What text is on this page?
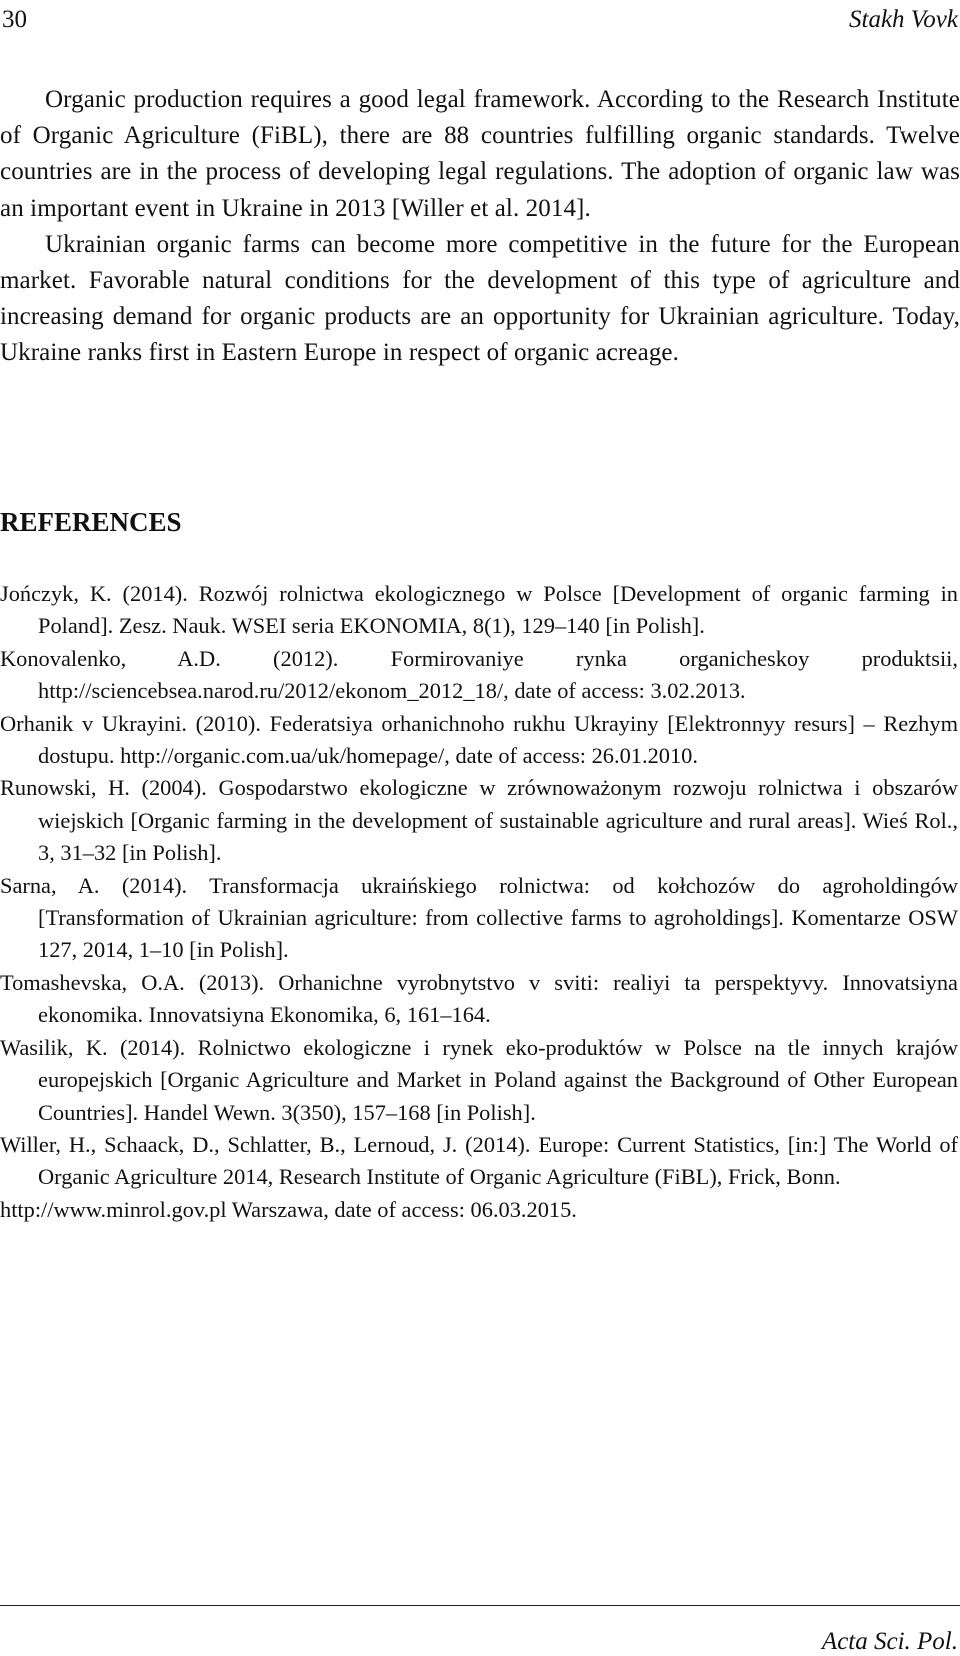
30	Stakh Vovk

Organic production requires a good legal framework. According to the Research Institute of Organic Agriculture (FiBL), there are 88 countries fulfilling organic standards. Twelve countries are in the process of developing legal regulations. The adoption of organic law was an important event in Ukraine in 2013 [Willer et al. 2014].

Ukrainian organic farms can become more competitive in the future for the European market. Favorable natural conditions for the development of this type of agriculture and increasing demand for organic products are an opportunity for Ukrainian agriculture. Today, Ukraine ranks first in Eastern Europe in respect of organic acreage.

REFERENCES
Jończyk, K. (2014). Rozwój rolnictwa ekologicznego w Polsce [Development of organic farming in Poland]. Zesz. Nauk. WSEI seria EKONOMIA, 8(1), 129–140 [in Polish].
Konovalenko, A.D. (2012). Formirovaniye rynka organicheskoy produktsii, http://sciencebsea.narod.ru/2012/ekonom_2012_18/, date of access: 3.02.2013.
Orhanik v Ukrayini. (2010). Federatsiya orhanichnoho rukhu Ukrayiny [Elektronnyy resurs] – Rezhym dostupu. http://organic.com.ua/uk/homepage/, date of access: 26.01.2010.
Runowski, H. (2004). Gospodarstwo ekologiczne w zrównoważonym rozwoju rolnictwa i obszarów wiejskich [Organic farming in the development of sustainable agriculture and rural areas]. Wieś Rol., 3, 31–32 [in Polish].
Sarna, A. (2014). Transformacja ukraińskiego rolnictwa: od kołchozów do agroholdingów [Transformation of Ukrainian agriculture: from collective farms to agroholdings]. Komentarze OSW 127, 2014, 1–10 [in Polish].
Tomashevska, O.A. (2013). Orhanichne vyrobnytstvo v sviti: realiyi ta perspektyvy. Innovatsiyna ekonomika. Innovatsiyna Ekonomika, 6, 161–164.
Wasilik, K. (2014). Rolnictwo ekologiczne i rynek eko-produktów w Polsce na tle innych krajów europejskich [Organic Agriculture and Market in Poland against the Background of Other European Countries]. Handel Wewn. 3(350), 157–168 [in Polish].
Willer, H., Schaack, D., Schlatter, B., Lernoud, J. (2014). Europe: Current Statistics, [in:] The World of Organic Agriculture 2014, Research Institute of Organic Agriculture (FiBL), Frick, Bonn.
http://www.minrol.gov.pl Warszawa, date of access: 06.03.2015.
Acta Sci. Pol.
